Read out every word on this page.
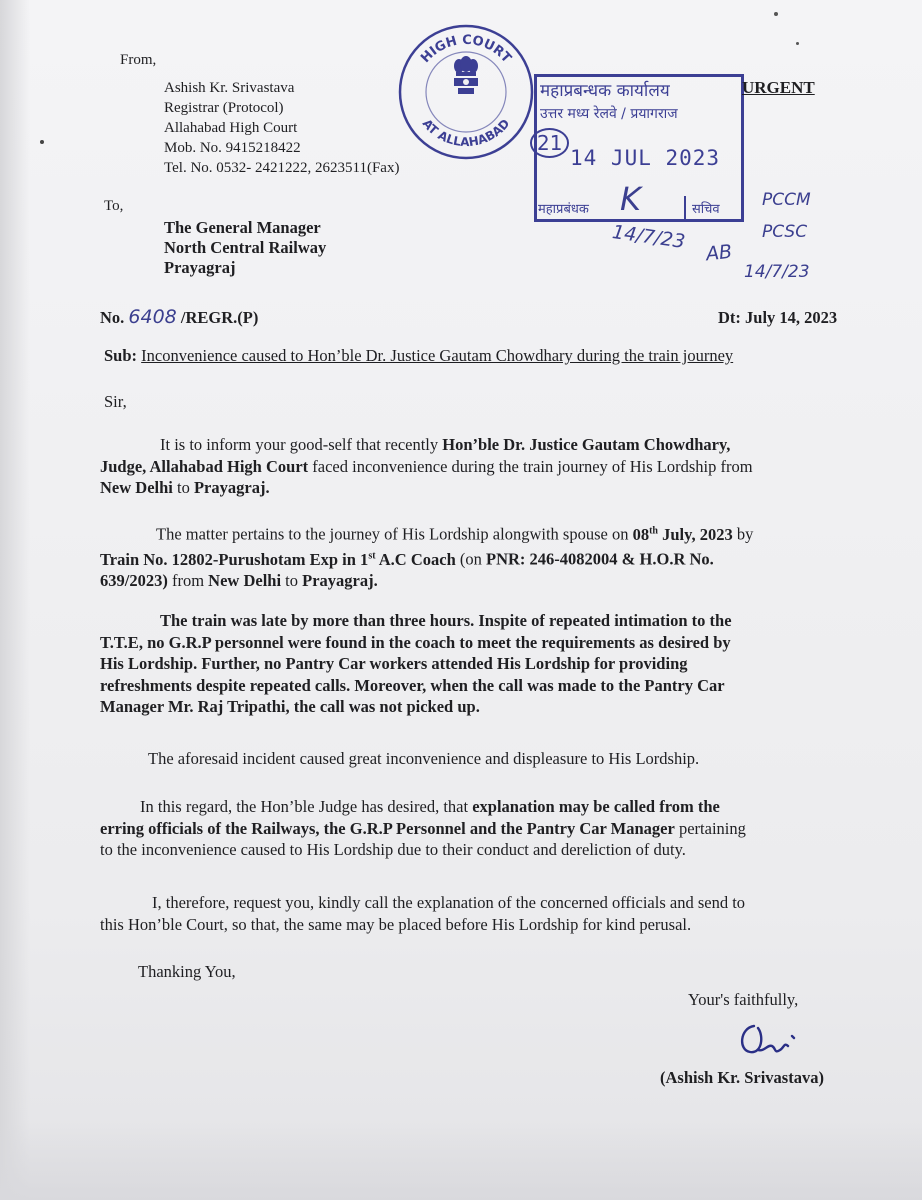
From,
Ashish Kr. Srivastava
Registrar (Protocol)
Allahabad High Court
Mob. No. 9415218422
Tel. No. 0532- 2421222, 2623511(Fax)
HIGH COURT
AT ALLAHABAD
महाप्रबन्धक कार्यालय
उत्तर मध्य रेलवे / प्रयागराज
21
14 JUL 2023
महाप्रबंधक K	सचिव
URGENT
PCCM
PCSC
14/7/23
AB
14/7/23
To,
The General Manager
North Central Railway
Prayagraj
No. 6408 /REGR.(P)	Dt: July 14, 2023
Sub: Inconvenience caused to Hon’ble Dr. Justice Gautam Chowdhary during the train journey
Sir,
It is to inform your good-self that recently Hon’ble Dr. Justice Gautam Chowdhary,
Judge, Allahabad High Court faced inconvenience during the train journey of His Lordship from
New Delhi to Prayagraj.
The matter pertains to the journey of His Lordship alongwith spouse on 08th July, 2023 by
Train No. 12802-Purushotam Exp in 1st A.C Coach (on PNR: 246-4082004 & H.O.R No.
639/2023) from New Delhi to Prayagraj.
The train was late by more than three hours. Inspite of repeated intimation to the
T.T.E, no G.R.P personnel were found in the coach to meet the requirements as desired by
His Lordship. Further, no Pantry Car workers attended His Lordship for providing
refreshments despite repeated calls. Moreover, when the call was made to the Pantry Car
Manager Mr. Raj Tripathi, the call was not picked up.
The aforesaid incident caused great inconvenience and displeasure to His Lordship.
In this regard, the Hon’ble Judge has desired, that explanation may be called from the
erring officials of the Railways, the G.R.P Personnel and the Pantry Car Manager pertaining
to the inconvenience caused to His Lordship due to their conduct and dereliction of duty.
I, therefore, request you, kindly call the explanation of the concerned officials and send to
this Hon’ble Court, so that, the same may be placed before His Lordship for kind perusal.
Thanking You,
Your's faithfully,
(Ashish Kr. Srivastava)
